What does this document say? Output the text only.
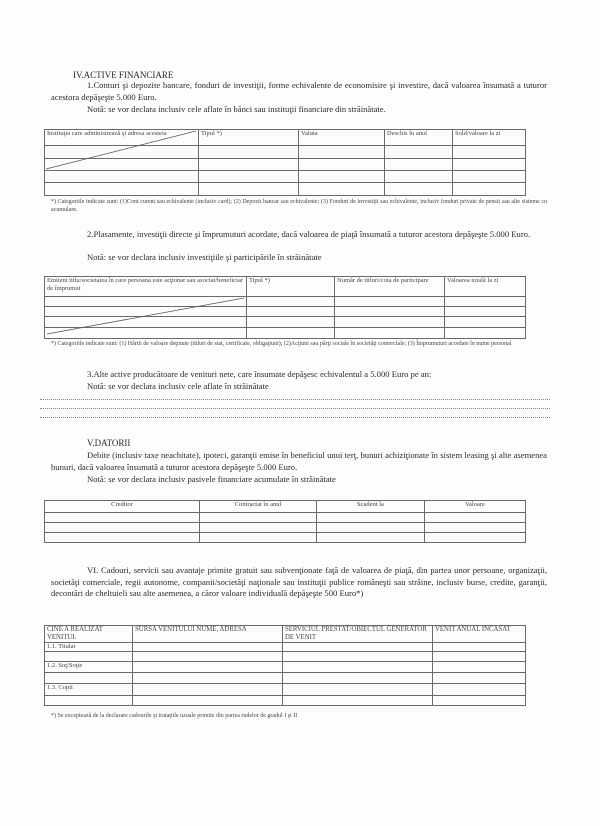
IV.ACTIVE FINANCIARE
1.Conturi şi depozite bancare, fonduri de investiţii, forme echivalente de economisire şi investire, dacă valoarea însumată a tuturor acestora depăşeşte 5.000 Euro.
Notă: se vor declara inclusiv cele aflate în bănci sau instituţii financiare din străinătate.
Instituţia care administrează şi adresa acesteia	Tipul *)	Valuta	Deschis în anul	Sold/valoare la zi

*) Categoriile indicate sunt: (1)Cont curent sau echivalente (inclusiv card); (2) Depozit bancar sau echivalente; (3) Fonduri de investiţii sau echivalente, inclusiv fonduri private de pensii sau alte sisteme cu acumulare.
2.Plasamente, investiţii directe şi împrumuturi acordate, dacă valoarea de piaţă însumată a tuturor acestora depăşeşte 5.000 Euro.
Notă: se vor declara inclusiv investiţiile şi participările în străinătate
Emitent titlu/societatea în care persoana este acţionar sau asociat/beneficiar de împrumut	Tipul *)	Număr de titluri/cota de participare	Valoarea totală la zi

*) Categoriile indicate sunt: (1) Hârtii de valoare deţinute (titluri de stat, certificate, obligaţiuni); (2)Acţiuni sau părţi sociale în societăţi comerciale; (3) Împrumuturi acordate în nume personal
3.Alte active producătoare de venituri nete, care însumate depăşesc echivalentul a 5.000 Euro pe an:
Notă: se vor declara inclusiv cele aflate în străinătate
V.DATORII
Debite (inclusiv taxe neachitate), ipoteci, garanţii emise în beneficiul unui terţ, bunuri achiziţionate în sistem leasing şi alte asemenea bunuri, dacă valoarea însumată a tuturor acestora depăşeşte 5.000 Euro.
Notă: se vor declara inclusiv pasivele financiare acumulate în străinătate
Creditor	Contractat în anul	Scadent la	Valoare

VI. Cadouri, servicii sau avantaje primite gratuit sau subvenţionate faţă de valoarea de piaţă, din partea unor persoane, organizaţii, societăţi comerciale, regii autonome, companii/societăţi naţionale sau instituţii publice româneşti sau străine, inclusiv burse, credite, garanţii, decontări de cheltuieli sau alte asemenea, a căror valoare individuală depăşeşte 500 Euro*)
CINE A REALIZAT VENITUL	SURSA VENITULUI NUME, ADRESA	SERVICIUL PRESTAT/OBIECTUL GENERATOR DE VENIT	VENIT ANUAL ÎNCASAT
1.1. Titular			

1.2. Soţ/Soţie			

1.3. Copii			

*) Se exceptează de la declarare cadourile şi trataţiile uzuale primite din partea rudelor de gradul I şi II
